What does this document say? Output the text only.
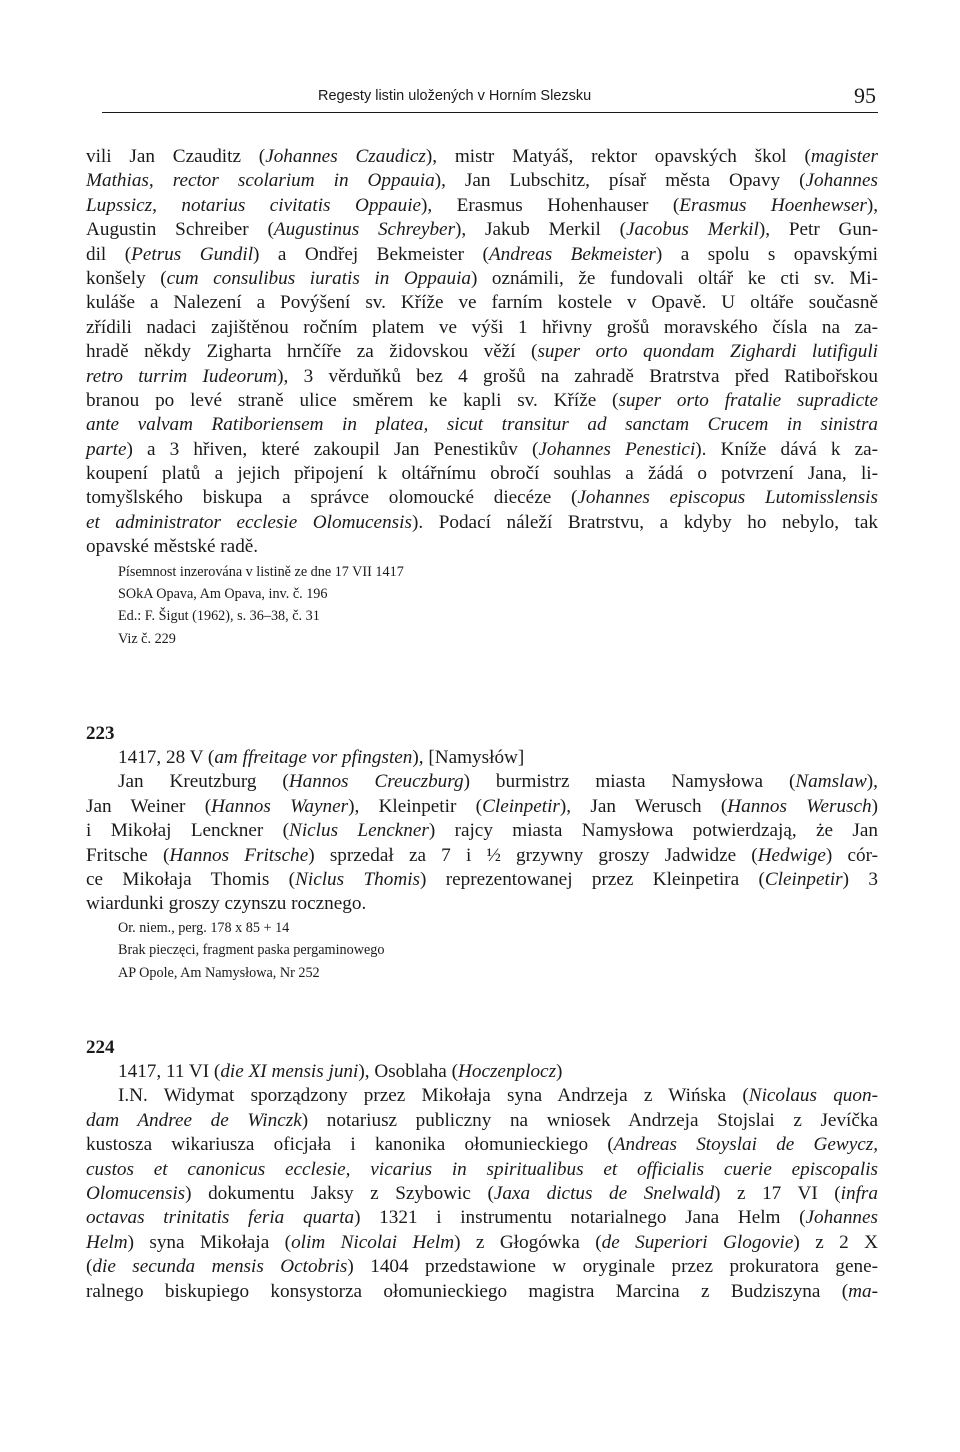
Regesty listin uložených v Horním Slezsku	95
vili Jan Czauditz (Johannes Czaudicz), mistr Matyáš, rektor opavských škol (magister
Mathias, rector scolarium in Oppauia), Jan Lubschitz, písař města Opavy (Johannes
Lupssicz, notarius civitatis Oppauie), Erasmus Hohenhauser (Erasmus Hoenhewser),
Augustin Schreiber (Augustinus Schreyber), Jakub Merkil (Jacobus Merkil), Petr Gun-
dil (Petrus Gundil) a Ondřej Bekmeister (Andreas Bekmeister) a spolu s opavskými
konšely (cum consulibus iuratis in Oppauia) oznámili, že fundovali oltář ke cti sv. Mi-
kuláše a Nalezení a Povýšení sv. Kříže ve farním kostele v Opavě. U oltáře současně
zřídili nadaci zajištěnou ročním platem ve výši 1 hřivny grošů moravského čísla na za-
hradě někdy Zigharta hrnčíře za židovskou věží (super orto quondam Zighardi lutifiguli
retro turrim Iudeorum), 3 věrduňků bez 4 grošů na zahradě Bratrstva před Ratibořskou
branou po levé straně ulice směrem ke kapli sv. Kříže (super orto fratalie supradicte
ante valvam Ratiboriensem in platea, sicut transitur ad sanctam Crucem in sinistra
parte) a 3 hřiven, které zakoupil Jan Penestikův (Johannes Penestici). Kníže dává k za-
koupení platů a jejich připojení k oltářnímu obročí souhlas a žádá o potvrzení Jana, li-
tomyšlského biskupa a správce olomoucké diecéze (Johannes episcopus Lutomisslensis
et administrator ecclesie Olomucensis). Podací náleží Bratrstvu, a kdyby ho nebylo, tak
opavské městské radě.
Písemnost inzerována v listině ze dne 17 VII 1417
SOkA Opava, Am Opava, inv. č. 196
Ed.: F. Šigut (1962), s. 36–38, č. 31
Viz č. 229
223
1417, 28 V (am ffreitage vor pfingsten), [Namysłów]
Jan Kreutzburg (Hannos Creuczburg) burmistrz miasta Namysłowa (Namslaw),
Jan Weiner (Hannos Wayner), Kleinpetir (Cleinpetir), Jan Werusch (Hannos Werusch)
i Mikołaj Lenckner (Niclus Lenckner) rajcy miasta Namysłowa potwierdzają, że Jan
Fritsche (Hannos Fritsche) sprzedał za 7 i ½ grzywny groszy Jadwidze (Hedwige) cór-
ce Mikołaja Thomis (Niclus Thomis) reprezentowanej przez Kleinpetira (Cleinpetir) 3
wiardunki groszy czynszu rocznego.
Or. niem., perg. 178 x 85 + 14
Brak pieczęci, fragment paska pergaminowego
AP Opole, Am Namysłowa, Nr 252
224
1417, 11 VI (die XI mensis juni), Osoblaha (Hoczenplocz)
I.N. Widymat sporządzony przez Mikołaja syna Andrzeja z Wińska (Nicolaus quon-
dam Andree de Winczk) notariusz publiczny na wniosek Andrzeja Stojslai z Jevíčka
kustosza wikariusza oficjała i kanonika ołomunieckiego (Andreas Stoyslai de Gewycz,
custos et canonicus ecclesie, vicarius in spiritualibus et officialis cuerie episcopalis
Olomucensis) dokumentu Jaksy z Szybowic (Jaxa dictus de Snelwald) z 17 VI (infra
octavas trinitatis feria quarta) 1321 i instrumentu notarialnego Jana Helm (Johannes
Helm) syna Mikołaja (olim Nicolai Helm) z Głogówka (de Superiori Glogovie) z 2 X
(die secunda mensis Octobris) 1404 przedstawione w oryginale przez prokuratora gene-
ralnego biskupiego konsystorza ołomunieckiego magistra Marcina z Budziszyna (ma-
